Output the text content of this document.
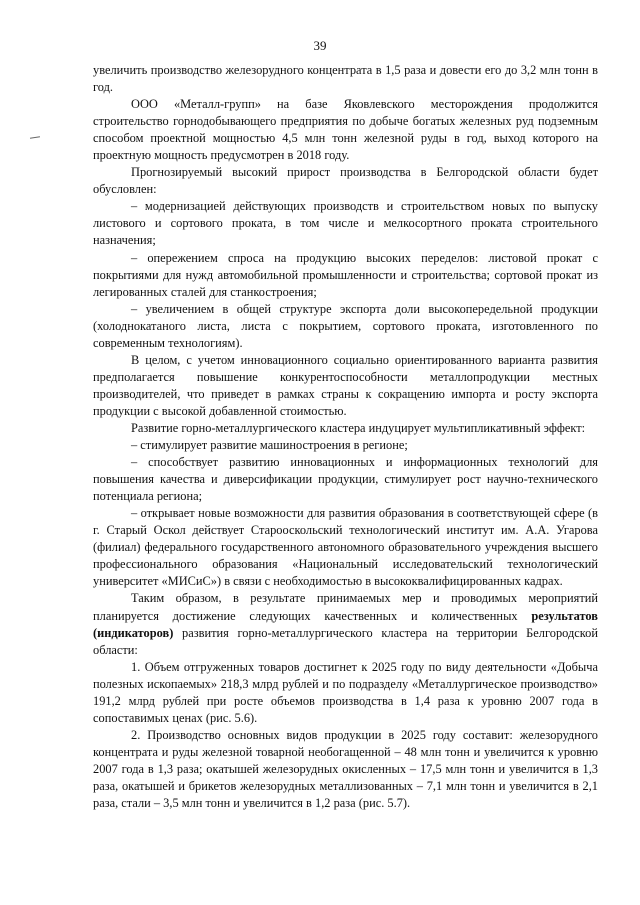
39

увеличить производство железорудного концентрата в 1,5 раза и довести его до 3,2 млн тонн в год.

ООО «Металл-групп» на базе Яковлевского месторождения продолжится строительство горнодобывающего предприятия по добыче богатых железных руд подземным способом проектной мощностью 4,5 млн тонн железной руды в год, выход которого на проектную мощность предусмотрен в 2018 году.

Прогнозируемый высокий прирост производства в Белгородской области будет обусловлен:

– модернизацией действующих производств и строительством новых по выпуску листового и сортового проката, в том числе и мелкосортного проката строительного назначения;

– опережением спроса на продукцию высоких переделов: листовой прокат с покрытиями для нужд автомобильной промышленности и строительства; сортовой прокат из легированных сталей для станкостроения;

– увеличением в общей структуре экспорта доли высокопередельной продукции (холоднокатаного листа, листа с покрытием, сортового проката, изготовленного по современным технологиям).

В целом, с учетом инновационного социально ориентированного варианта развития предполагается повышение конкурентоспособности металлопродукции местных производителей, что приведет в рамках страны к сокращению импорта и росту экспорта продукции с высокой добавленной стоимостью.

Развитие горно-металлургического кластера индуцирует мультипликативный эффект:

– стимулирует развитие машиностроения в регионе;

– способствует развитию инновационных и информационных технологий для повышения качества и диверсификации продукции, стимулирует рост научно-технического потенциала региона;

– открывает новые возможности для развития образования в соответствующей сфере (в г. Старый Оскол действует Старооскольский технологический институт им. А.А. Угарова (филиал) федерального государственного автономного образовательного учреждения высшего профессионального образования «Национальный исследовательский технологический университет «МИСиС») в связи с необходимостью в высококвалифицированных кадрах.

Таким образом, в результате принимаемых мер и проводимых мероприятий планируется достижение следующих качественных и количественных результатов (индикаторов) развития горно-металлургического кластера на территории Белгородской области:

1. Объем отгруженных товаров достигнет к 2025 году по виду деятельности «Добыча полезных ископаемых» 218,3 млрд рублей и по подразделу «Металлургическое производство» 191,2 млрд рублей при росте объемов производства в 1,4 раза к уровню 2007 года в сопоставимых ценах (рис. 5.6).

2. Производство основных видов продукции в 2025 году составит: железорудного концентрата и руды железной товарной необогащенной – 48 млн тонн и увеличится к уровню 2007 года в 1,3 раза; окатышей железорудных окисленных – 17,5 млн тонн и увеличится в 1,3 раза, окатышей и брикетов железорудных металлизованных – 7,1 млн тонн и увеличится в 2,1 раза, стали – 3,5 млн тонн и увеличится в 1,2 раза (рис. 5.7).
